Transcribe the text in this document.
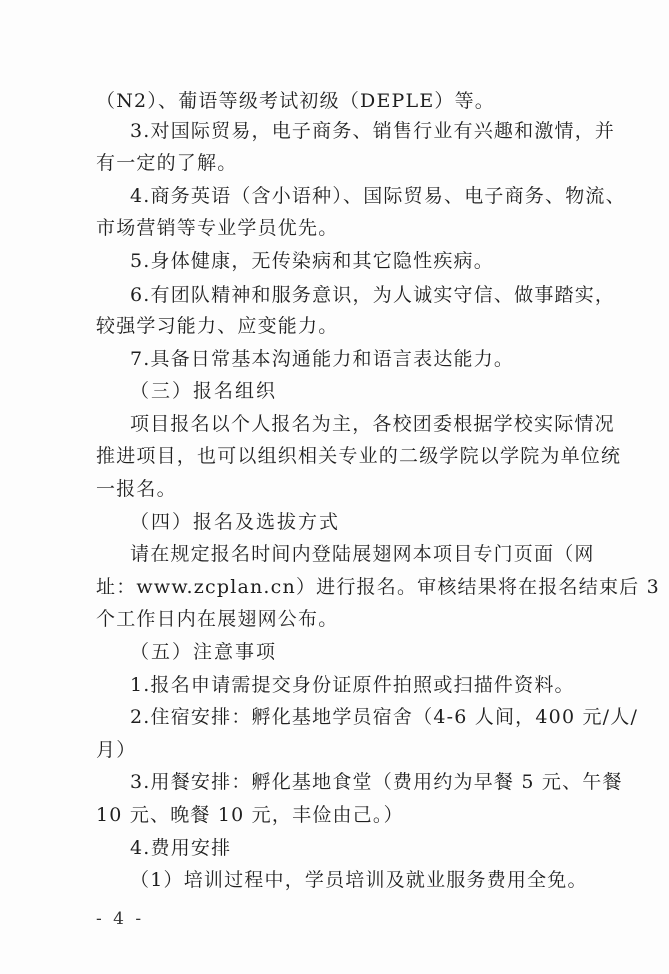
（N2）、葡语等级考试初级（DEPLE）等。
3.对国际贸易，电子商务、销售行业有兴趣和激情，并
有一定的了解。
4.商务英语（含小语种）、国际贸易、电子商务、物流、
市场营销等专业学员优先。
5.身体健康，无传染病和其它隐性疾病。
6.有团队精神和服务意识，为人诚实守信、做事踏实，
较强学习能力、应变能力。
7.具备日常基本沟通能力和语言表达能力。
（三）报名组织
项目报名以个人报名为主，各校团委根据学校实际情况
推进项目，也可以组织相关专业的二级学院以学院为单位统
一报名。
（四）报名及选拔方式
请在规定报名时间内登陆展翅网本项目专门页面（网
址：www.zcplan.cn）进行报名。审核结果将在报名结束后 3
个工作日内在展翅网公布。
（五）注意事项
1.报名申请需提交身份证原件拍照或扫描件资料。
2.住宿安排：孵化基地学员宿舍（4-6 人间，400 元/人/
月）
3.用餐安排：孵化基地食堂（费用约为早餐 5 元、午餐
10 元、晚餐 10 元，丰俭由己。）
4.费用安排
（1）培训过程中，学员培训及就业服务费用全免。
- 4 -
